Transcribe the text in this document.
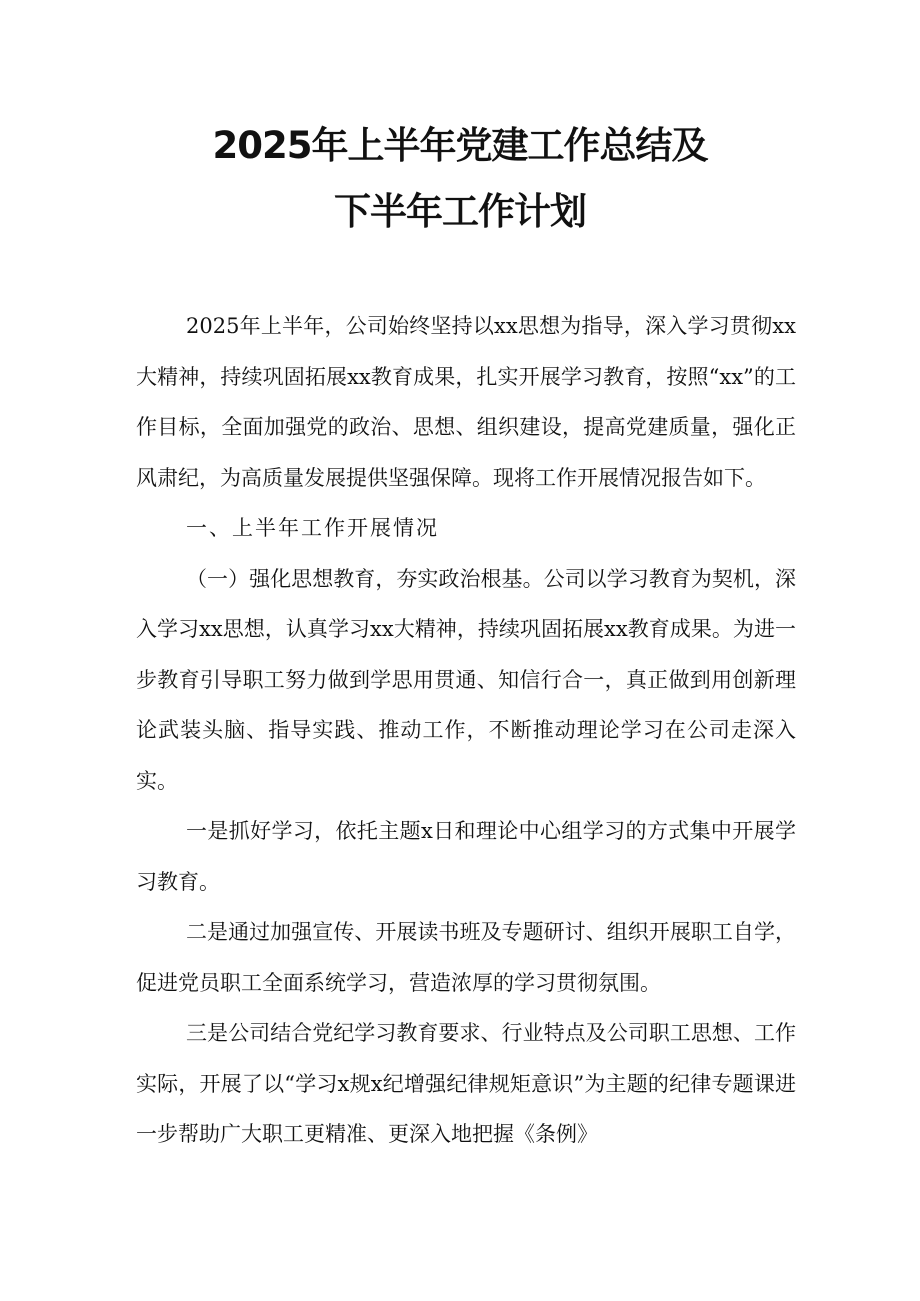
2025年上半年党建工作总结及
下半年工作计划

2025年上半年，公司始终坚持以xx思想为指导，深入学习贯彻xx大精神，持续巩固拓展xx教育成果，扎实开展学习教育，按照“xx”的工作目标，全面加强党的政治、思想、组织建设，提高党建质量，强化正风肃纪，为高质量发展提供坚强保障。现将工作开展情况报告如下。

一、上半年工作开展情况

（一）强化思想教育，夯实政治根基。公司以学习教育为契机，深入学习xx思想，认真学习xx大精神，持续巩固拓展xx教育成果。为进一步教育引导职工努力做到学思用贯通、知信行合一，真正做到用创新理论武装头脑、指导实践、推动工作，不断推动理论学习在公司走深入实。

一是抓好学习，依托主题x日和理论中心组学习的方式集中开展学习教育。

二是通过加强宣传、开展读书班及专题研讨、组织开展职工自学，促进党员职工全面系统学习，营造浓厚的学习贯彻氛围。

三是公司结合党纪学习教育要求、行业特点及公司职工思想、工作实际，开展了以“学习x规x纪增强纪律规矩意识”为主题的纪律专题课进一步帮助广大职工更精准、更深入地把握《条例》
